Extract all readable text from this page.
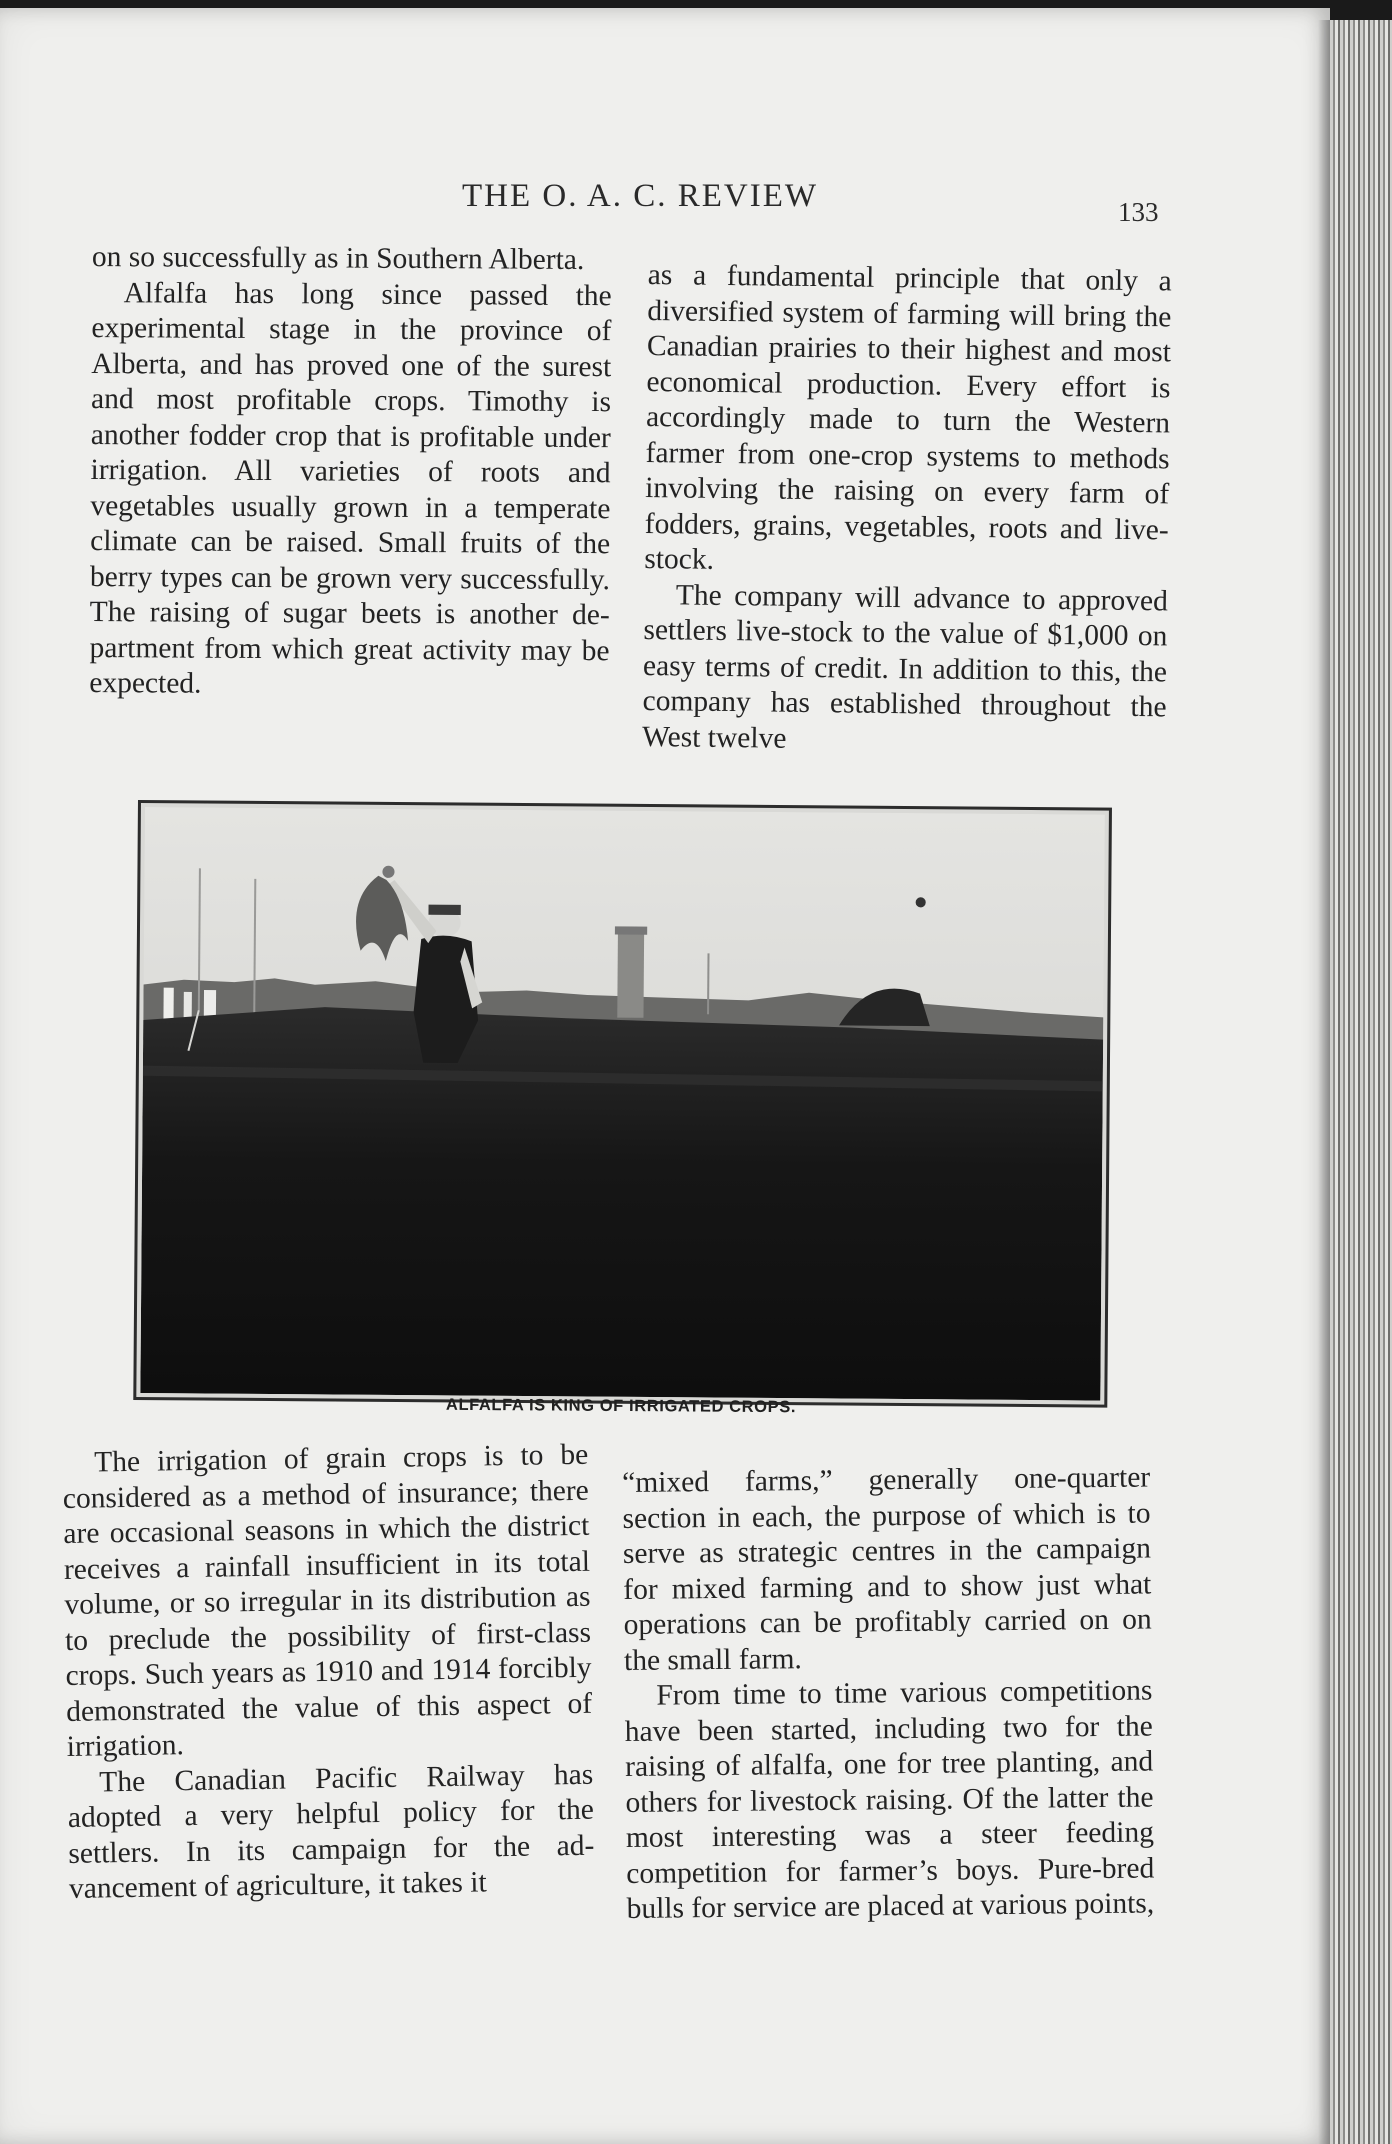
THE O. A. C. REVIEW	133

on so successfully as in Southern Alberta.

Alfalfa has long since passed the experimental stage in the province of Alberta, and has proved one of the surest and most profitable crops. Timothy is another fodder crop that is profitable under irrigation. All varieties of roots and vegetables usually grown in a temperate climate can be raised. Small fruits of the berry types can be grown very successfully. The raising of sugar beets is another department from which great activity may be expected.

as a fundamental principle that only a diversified system of farming will bring the Canadian prairies to their highest and most economical production. Every effort is accordingly made to turn the Western farmer from one-crop systems to methods involving the raising on every farm of fodders, grains, vegetables, roots and live-stock.

The company will advance to approved settlers live-stock to the value of $1,000 on easy terms of credit. In addition to this, the company has established throughout the West twelve

ALFALFA IS KING OF IRRIGATED CROPS.

The irrigation of grain crops is to be considered as a method of insurance; there are occasional seasons in which the district receives a rainfall insufficient in its total volume, or so irregular in its distribution as to preclude the possibility of first-class crops. Such years as 1910 and 1914 forcibly demonstrated the value of this aspect of irrigation.

The Canadian Pacific Railway has adopted a very helpful policy for the settlers. In its campaign for the advancement of agriculture, it takes it

“mixed farms,” generally one-quarter section in each, the purpose of which is to serve as strategic centres in the campaign for mixed farming and to show just what operations can be profitably carried on on the small farm.

From time to time various competitions have been started, including two for the raising of alfalfa, one for tree planting, and others for livestock raising. Of the latter the most interesting was a steer feeding competition for farmer’s boys. Pure-bred bulls for service are placed at various points,
